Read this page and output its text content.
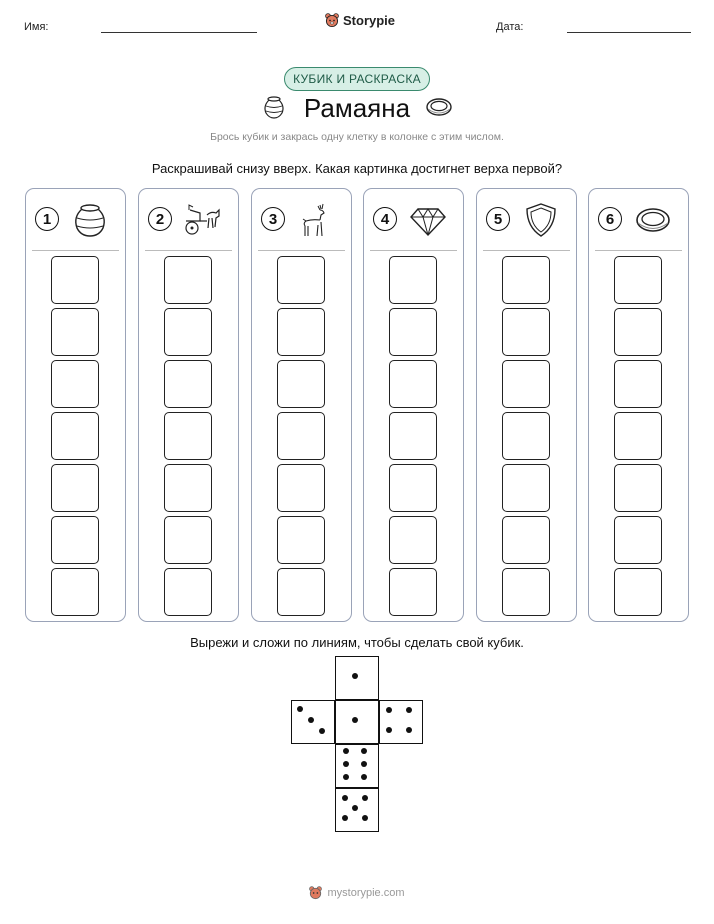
Имя:	Storypie	Дата:
КУБИК И РАСКРАСКА
Рамаяна
Брось кубик и закрась одну клетку в колонке с этим числом.
Раскрашивай снизу вверх. Какая картинка достигнет верха первой?
1	2	3	4	5	6
Вырежи и сложи по линиям, чтобы сделать свой кубик.
mystorypie.com
